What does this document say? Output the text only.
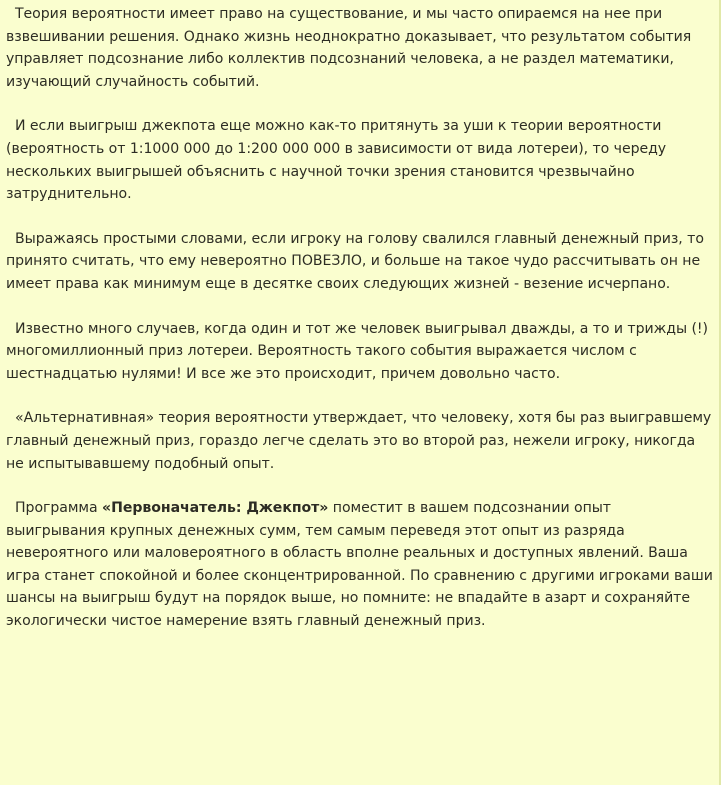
Теория вероятности имеет право на существование, и мы часто опираемся на нее при взвешивании решения. Однако жизнь неоднократно доказывает, что результатом события управляет подсознание либо коллектив подсознаний человека, а не раздел математики, изучающий случайность событий.

И если выигрыш джекпота еще можно как-то притянуть за уши к теории вероятности (вероятность от 1:1000 000 до 1:200 000 000 в зависимости от вида лотереи), то череду нескольких выигрышей объяснить с научной точки зрения становится чрезвычайно затруднительно.

Выражаясь простыми словами, если игроку на голову свалился главный денежный приз, то принято считать, что ему невероятно ПОВЕЗЛО, и больше на такое чудо рассчитывать он не имеет права как минимум еще в десятке своих следующих жизней - везение исчерпано.

Известно много случаев, когда один и тот же человек выигрывал дважды, а то и трижды (!) многомиллионный приз лотереи. Вероятность такого события выражается числом с шестнадцатью нулями! И все же это происходит, причем довольно часто.

«Альтернативная» теория вероятности утверждает, что человеку, хотя бы раз выигравшему главный денежный приз, гораздо легче сделать это во второй раз, нежели игроку, никогда не испытывавшему подобный опыт.

Программа «Первоначатель: Джекпот» поместит в вашем подсознании опыт выигрывания крупных денежных сумм, тем самым переведя этот опыт из разряда невероятного или маловероятного в область вполне реальных и доступных явлений. Ваша игра станет спокойной и более сконцентрированной. По сравнению с другими игроками ваши шансы на выигрыш будут на порядок выше, но помните: не впадайте в азарт и сохраняйте экологически чистое намерение взять главный денежный приз.
